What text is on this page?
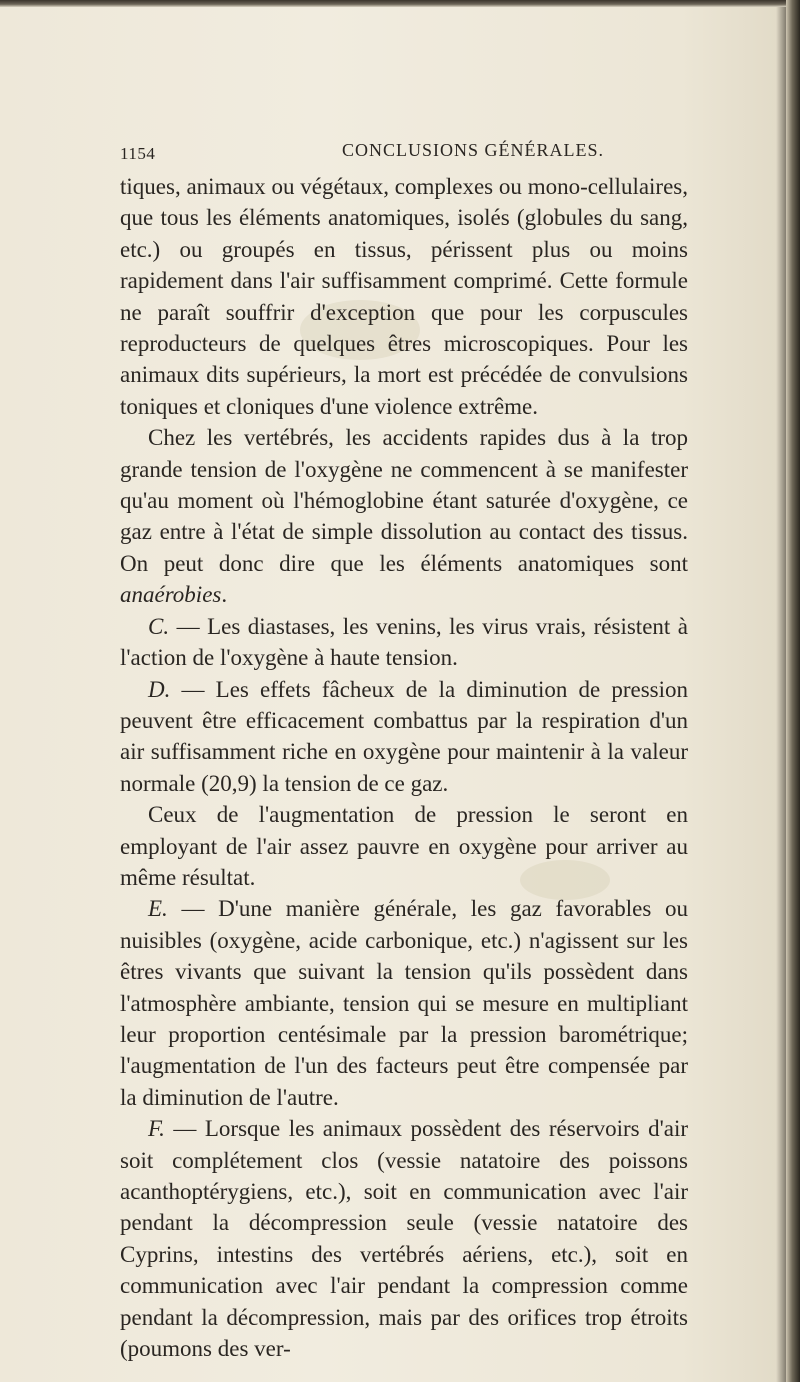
1154	CONCLUSIONS GÉNÉRALES.

tiques, animaux ou végétaux, complexes ou mono-cellulaires, que tous les éléments anatomiques, isolés (globules du sang, etc.) ou groupés en tissus, périssent plus ou moins rapidement dans l'air suffisamment comprimé. Cette formule ne paraît souffrir d'exception que pour les corpuscules reproducteurs de quelques êtres microscopiques. Pour les animaux dits supérieurs, la mort est précédée de convulsions toniques et cloniques d'une violence extrême.

Chez les vertébrés, les accidents rapides dus à la trop grande tension de l'oxygène ne commencent à se manifester qu'au moment où l'hémoglobine étant saturée d'oxygène, ce gaz entre à l'état de simple dissolution au contact des tissus. On peut donc dire que les éléments anatomiques sont anaérobies.

C. — Les diastases, les venins, les virus vrais, résistent à l'action de l'oxygène à haute tension.

D. — Les effets fâcheux de la diminution de pression peuvent être efficacement combattus par la respiration d'un air suffisamment riche en oxygène pour maintenir à la valeur normale (20,9) la tension de ce gaz.

Ceux de l'augmentation de pression le seront en employant de l'air assez pauvre en oxygène pour arriver au même résultat.

E. — D'une manière générale, les gaz favorables ou nuisibles (oxygène, acide carbonique, etc.) n'agissent sur les êtres vivants que suivant la tension qu'ils possèdent dans l'atmosphère ambiante, tension qui se mesure en multipliant leur proportion centésimale par la pression barométrique; l'augmentation de l'un des facteurs peut être compensée par la diminution de l'autre.

F. — Lorsque les animaux possèdent des réservoirs d'air soit complétement clos (vessie natatoire des poissons acanthoptérygiens, etc.), soit en communication avec l'air pendant la décompression seule (vessie natatoire des Cyprins, intestins des vertébrés aériens, etc.), soit en communication avec l'air pendant la compression comme pendant la décompression, mais par des orifices trop étroits (poumons des ver-
